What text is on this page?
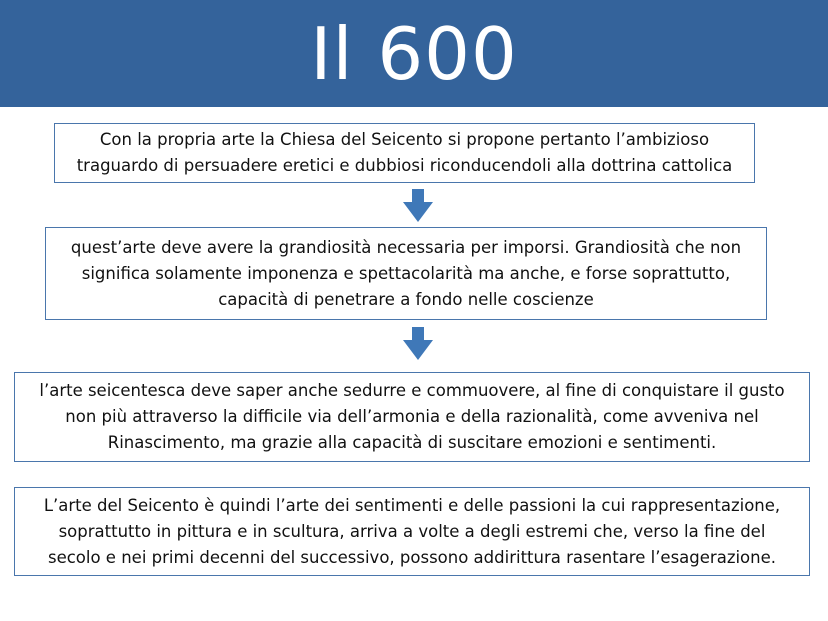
Il 600

Con la propria arte la Chiesa del Seicento si propone pertanto l’ambizioso
traguardo di persuadere eretici e dubbiosi riconducendoli alla dottrina cattolica

quest’arte deve avere la grandiosità necessaria per imporsi. Grandiosità che non
significa solamente imponenza e spettacolarità ma anche, e forse soprattutto,
capacità di penetrare a fondo nelle coscienze

l’arte seicentesca deve saper anche sedurre e commuovere, al fine di conquistare il gusto
non più attraverso la difficile via dell’armonia e della razionalità, come avveniva nel
Rinascimento, ma grazie alla capacità di suscitare emozioni e sentimenti.

L’arte del Seicento è quindi l’arte dei sentimenti e delle passioni la cui rappresentazione,
soprattutto in pittura e in scultura, arriva a volte a degli estremi che, verso la fine del
secolo e nei primi decenni del successivo, possono addirittura rasentare l’esagerazione.
